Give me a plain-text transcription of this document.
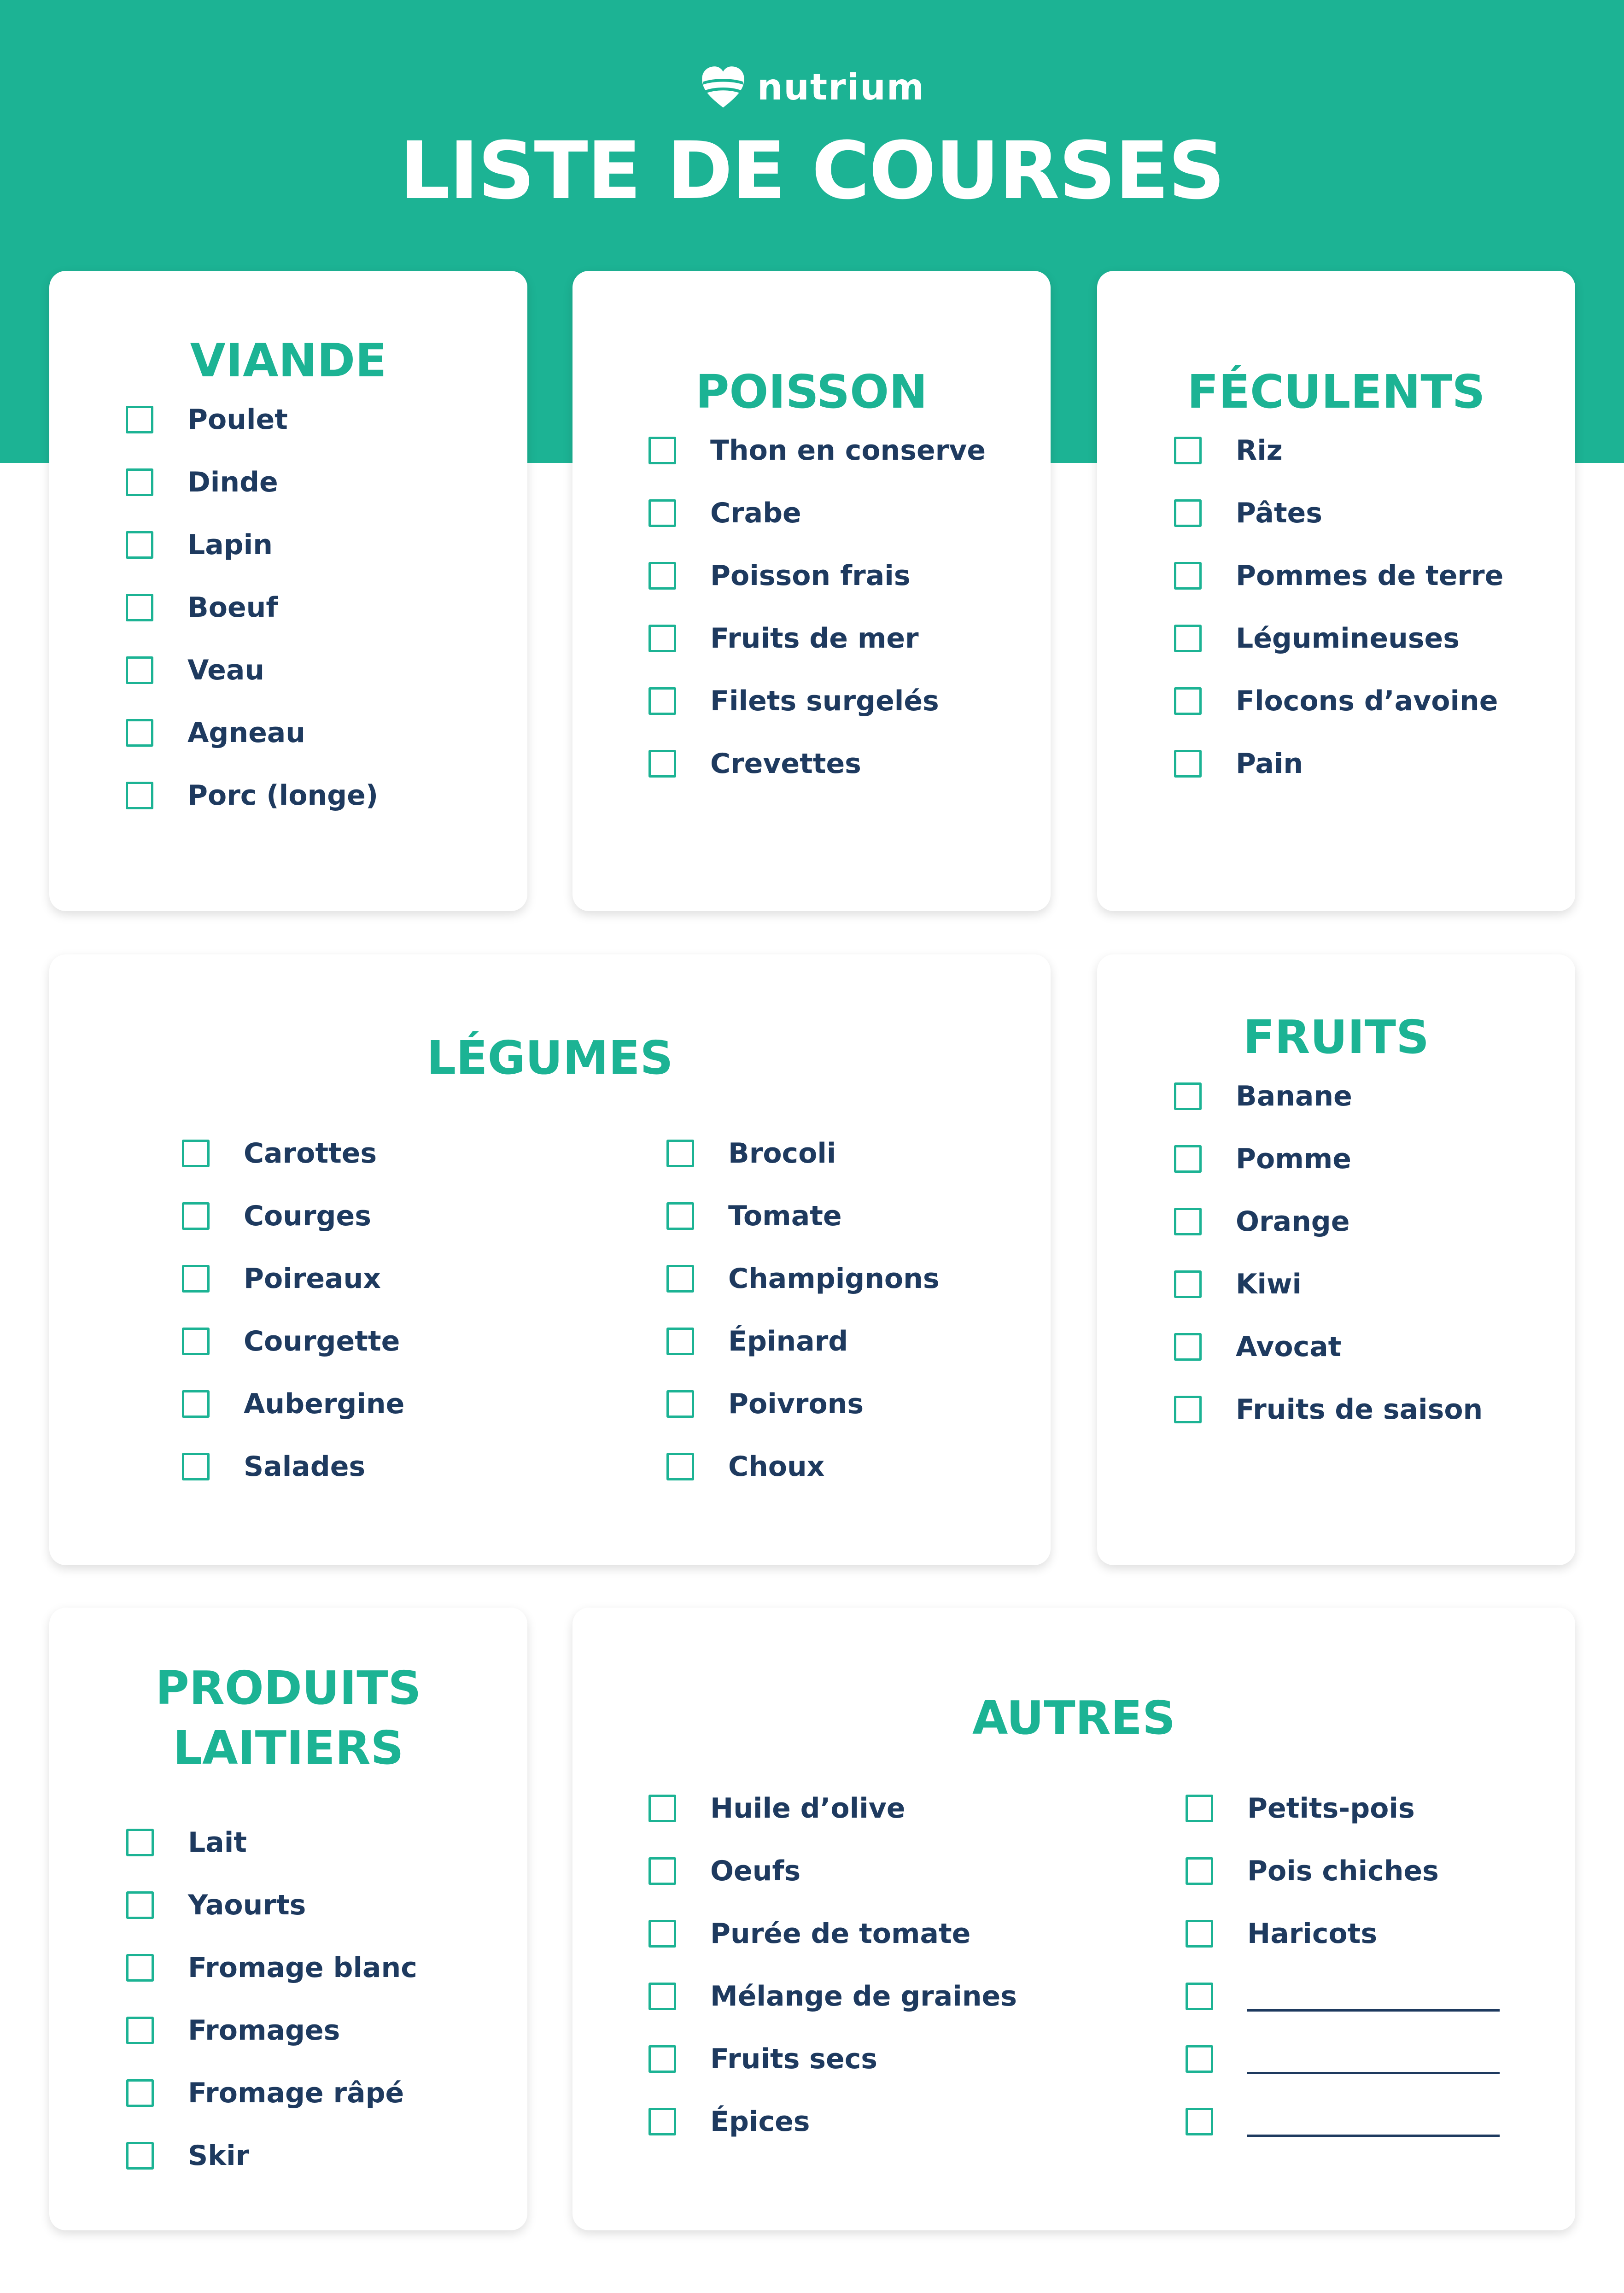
nutrium
LISTE DE COURSES
VIANDE
Poulet
Dinde
Lapin
Boeuf
Veau
Agneau
Porc (longe)
POISSON
Thon en conserve
Crabe
Poisson frais
Fruits de mer
Filets surgelés
Crevettes
FÉCULENTS
Riz
Pâtes
Pommes de terre
Légumineuses
Flocons d’avoine
Pain
LÉGUMES
Carottes
Courges
Poireaux
Courgette
Aubergine
Salades
Brocoli
Tomate
Champignons
Épinard
Poivrons
Choux
FRUITS
Banane
Pomme
Orange
Kiwi
Avocat
Fruits de saison
PRODUITS
LAITIERS
Lait
Yaourts
Fromage blanc
Fromages
Fromage râpé
Skir
AUTRES
Huile d’olive
Oeufs
Purée de tomate
Mélange de graines
Fruits secs
Épices
Petits-pois
Pois chiches
Haricots
